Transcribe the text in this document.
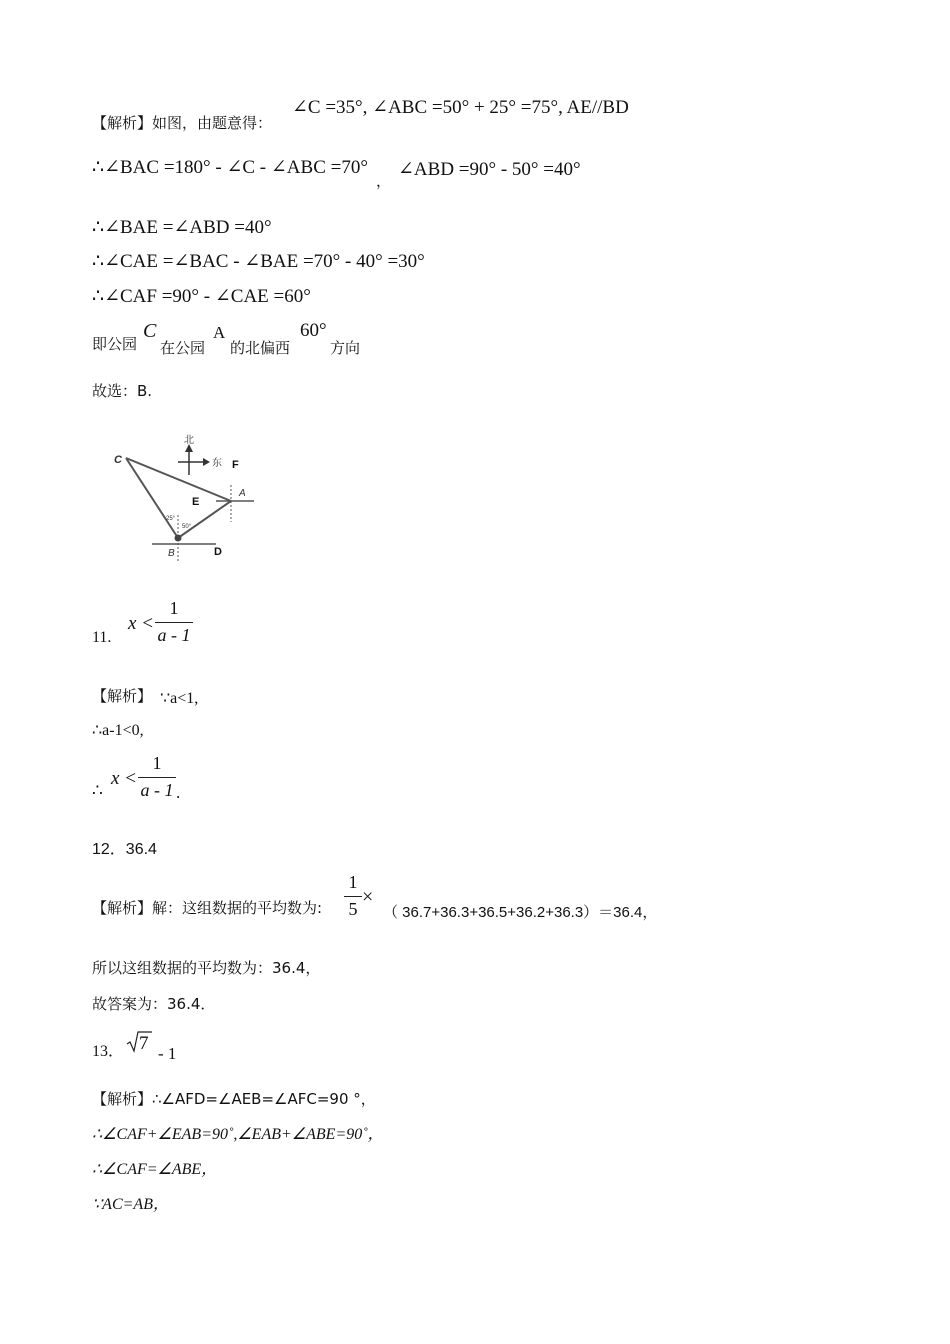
【解析】如图，由题意得：
∠C =35°, ∠ABC =50° + 25° =75°, AE//BD
∴∠BAC =180° - ∠C - ∠ABC =70°
，
∠ABD =90° - 50° =40°
∴∠BAE =∠ABD =40°
∴∠CAE =∠BAC - ∠BAE =70° - 40° =30°
∴∠CAF =90° - ∠CAE =60°
即公园
C
在公园
A
的北偏西
60°
方向
故选：B.
北
东
25°
50°
C	F
E
A
B	D
11.
x <
1
a - 1
【解析】 ∵a<1,
∴a-1<0,
∴
x <
1
a - 1 .
12．36.4
【解析】解：这组数据的平均数为:
1
5
×
（ 36.7+36.3+36.5+36.2+36.3）＝36.4，
所以这组数据的平均数为：36.4，
故答案为：36.4．
13． 7 - 1
【解析】∴∠AFD=∠AEB=∠AFC=90 °，
∴∠CAF+∠EAB=90˚,∠EAB+∠ABE=90˚，
∴∠CAF=∠ABE，
∵AC=AB，
